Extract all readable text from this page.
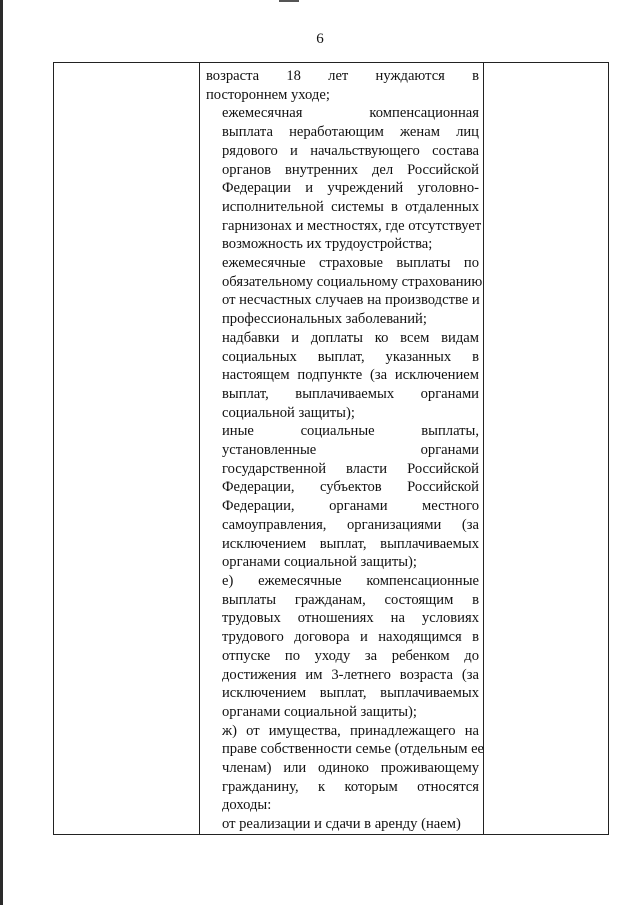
6

возраста 18 лет нуждаются в
постороннем уходе;

ежемесячная компенсационная
выплата неработающим женам лиц
рядового и начальствующего состава
органов внутренних дел Российской
Федерации и учреждений уголовно-
исполнительной системы в отдаленных
гарнизонах и местностях, где отсутствует
возможность их трудоустройства;

ежемесячные страховые выплаты по
обязательному социальному страхованию
от несчастных случаев на производстве и
профессиональных заболеваний;

надбавки и доплаты ко всем видам
социальных выплат, указанных в
настоящем подпункте (за исключением
выплат, выплачиваемых органами
социальной защиты);

иные социальные выплаты,
установленные органами
государственной власти Российской
Федерации, субъектов Российской
Федерации, органами местного
самоуправления, организациями (за
исключением выплат, выплачиваемых
органами социальной защиты);

е) ежемесячные компенсационные
выплаты гражданам, состоящим в
трудовых отношениях на условиях
трудового договора и находящимся в
отпуске по уходу за ребенком до
достижения им 3-летнего возраста (за
исключением выплат, выплачиваемых
органами социальной защиты);

ж) от имущества, принадлежащего на
праве собственности семье (отдельным ее
членам) или одиноко проживающему
гражданину, к которым относятся
доходы:

от реализации и сдачи в аренду (наем)
